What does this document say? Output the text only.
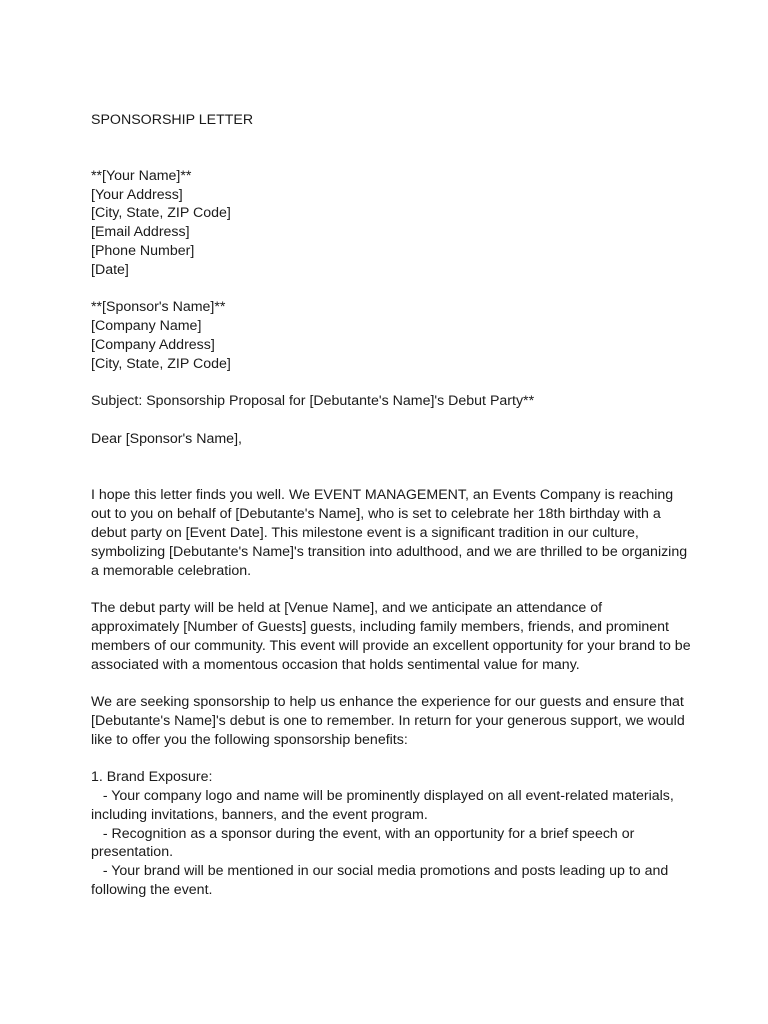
SPONSORSHIP LETTER
**[Your Name]**
[Your Address]
[City, State, ZIP Code]
[Email Address]
[Phone Number]
[Date]
**[Sponsor's Name]**
[Company Name]
[Company Address]
[City, State, ZIP Code]
Subject: Sponsorship Proposal for [Debutante's Name]'s Debut Party**
Dear [Sponsor's Name],
I hope this letter finds you well. We EVENT MANAGEMENT, an Events Company is reaching
out to you on behalf of [Debutante's Name], who is set to celebrate her 18th birthday with a
debut party on [Event Date]. This milestone event is a significant tradition in our culture,
symbolizing [Debutante's Name]'s transition into adulthood, and we are thrilled to be organizing
a memorable celebration.
The debut party will be held at [Venue Name], and we anticipate an attendance of
approximately [Number of Guests] guests, including family members, friends, and prominent
members of our community. This event will provide an excellent opportunity for your brand to be
associated with a momentous occasion that holds sentimental value for many.
We are seeking sponsorship to help us enhance the experience for our guests and ensure that
[Debutante's Name]'s debut is one to remember. In return for your generous support, we would
like to offer you the following sponsorship benefits:
1. Brand Exposure:
- Your company logo and name will be prominently displayed on all event-related materials,
including invitations, banners, and the event program.
- Recognition as a sponsor during the event, with an opportunity for a brief speech or
presentation.
- Your brand will be mentioned in our social media promotions and posts leading up to and
following the event.
